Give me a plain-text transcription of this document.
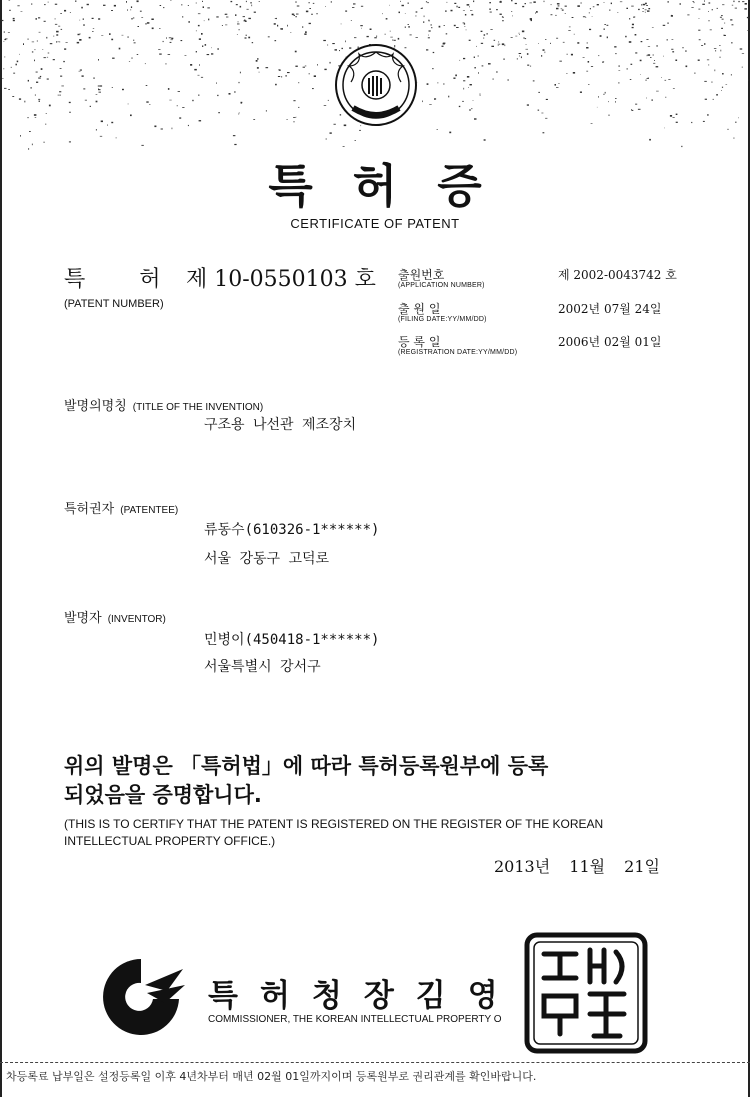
특허증
CERTIFICATE OF PATENT
특 허 제 10-0550103 호
(PATENT NUMBER)
출원번호
(APPLICATION NUMBER)
제 2002-0043742 호
출 원 일
(FILING DATE:YY/MM/DD)
2002년 07월 24일
등 록 일
(REGISTRATION DATE:YY/MM/DD)
2006년 02월 01일
발명의명칭 (TITLE OF THE INVENTION)
구조용 나선관 제조장치
특허권자 (PATENTEE)
류동수(610326-1******)
서울 강동구 고덕로
발명자 (INVENTOR)
민병이(450418-1******)
서울특별시 강서구
위의 발명은 「특허법」에 따라 특허등록원부에 등록
되었음을 증명합니다.
(THIS IS TO CERTIFY THAT THE PATENT IS REGISTERED ON THE REGISTER OF THE KOREAN
INTELLECTUAL PROPERTY OFFICE.)
2013년 11월 21일
특허청장김영
COMMISSIONER, THE KOREAN INTELLECTUAL PROPERTY O
차등록료 납부일은 설정등록일 이후 4년차부터 매년 02월 01일까지이며 등록원부로 권리관계를 확인바랍니다.
